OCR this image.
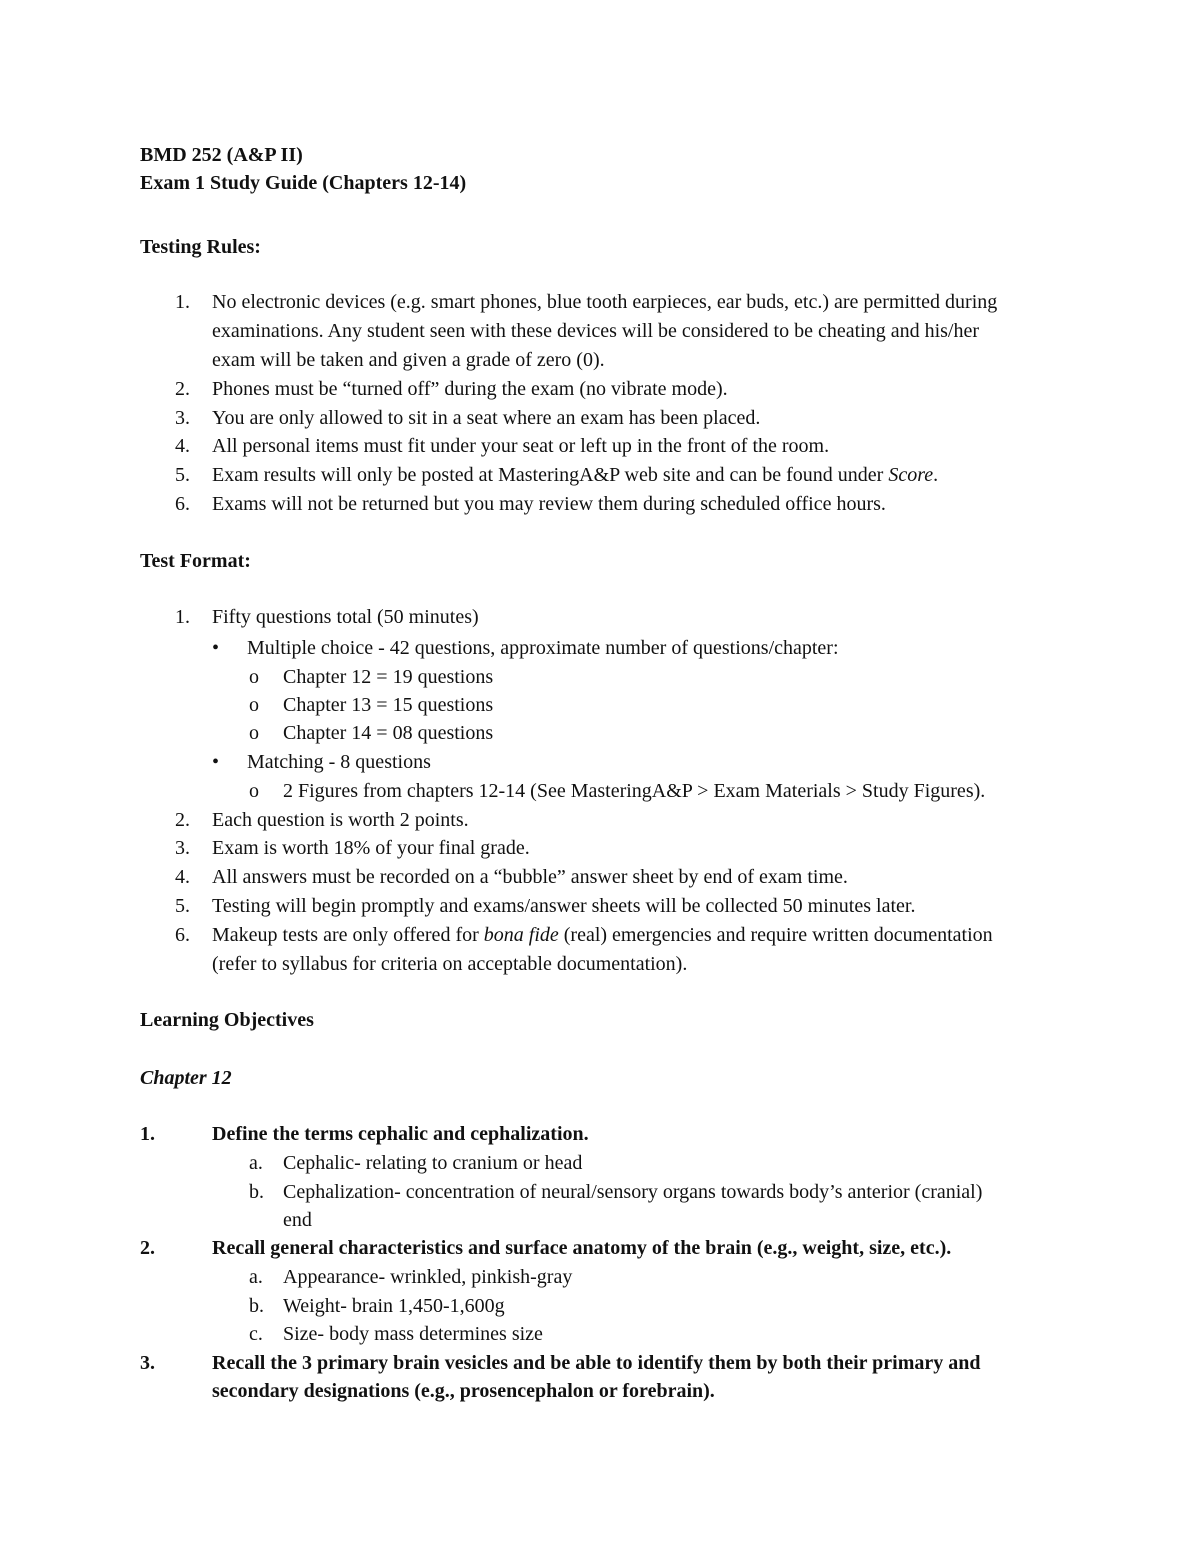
BMD 252 (A&P II)
Exam 1 Study Guide (Chapters 12-14)
Testing Rules:
1. No electronic devices (e.g. smart phones, blue tooth earpieces, ear buds, etc.) are permitted during
examinations. Any student seen with these devices will be considered to be cheating and his/her
exam will be taken and given a grade of zero (0).
2. Phones must be “turned off” during the exam (no vibrate mode).
3. You are only allowed to sit in a seat where an exam has been placed.
4. All personal items must fit under your seat or left up in the front of the room.
5. Exam results will only be posted at MasteringA&P web site and can be found under Score.
6. Exams will not be returned but you may review them during scheduled office hours.
Test Format:
1. Fifty questions total (50 minutes)
• Multiple choice - 42 questions, approximate number of questions/chapter:
o Chapter 12 = 19 questions
o Chapter 13 = 15 questions
o Chapter 14 = 08 questions
• Matching - 8 questions
o 2 Figures from chapters 12-14 (See MasteringA&P > Exam Materials > Study Figures).
2. Each question is worth 2 points.
3. Exam is worth 18% of your final grade.
4. All answers must be recorded on a “bubble” answer sheet by end of exam time.
5. Testing will begin promptly and exams/answer sheets will be collected 50 minutes later.
6. Makeup tests are only offered for bona fide (real) emergencies and require written documentation
(refer to syllabus for criteria on acceptable documentation).
Learning Objectives
Chapter 12
1.	Define the terms cephalic and cephalization.
a. Cephalic- relating to cranium or head
b. Cephalization- concentration of neural/sensory organs towards body’s anterior (cranial)
end
2.	Recall general characteristics and surface anatomy of the brain (e.g., weight, size, etc.).
a. Appearance- wrinkled, pinkish-gray
b. Weight- brain 1,450-1,600g
c. Size- body mass determines size
3.	Recall the 3 primary brain vesicles and be able to identify them by both their primary and
secondary designations (e.g., prosencephalon or forebrain).
